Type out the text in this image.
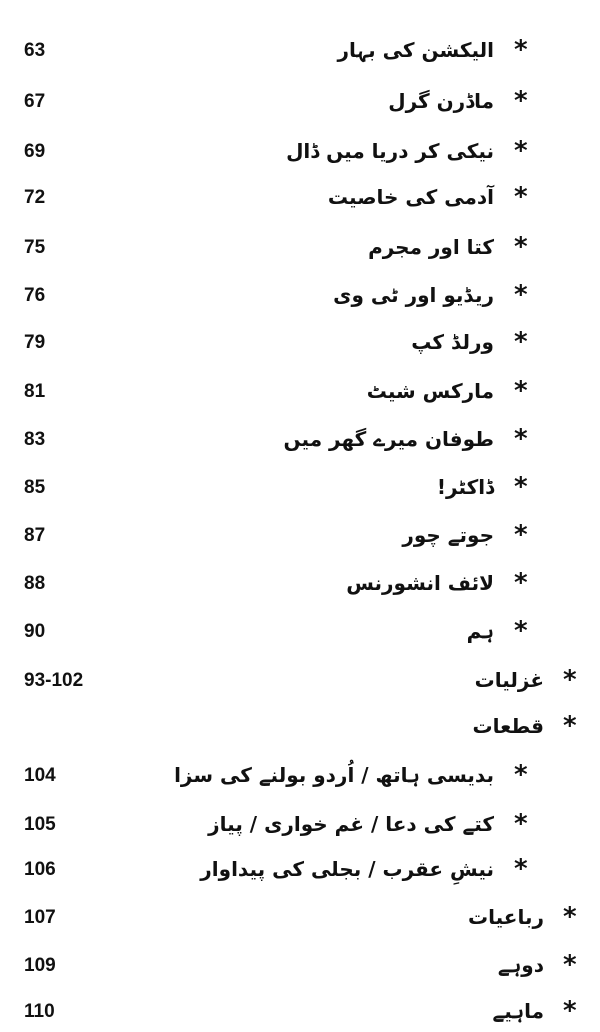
63	الیکشن کی بہار *
67	ماڈرن گرل *
69	نیکی کر دریا میں ڈال *
72	آدمی کی خاصیت *
75	کتا اور مجرم *
76	ریڈیو اور ٹی وی *
79	ورلڈ کپ *
81	مارکس شیٹ *
83	طوفان میرے گھر میں *
85	ڈاکٹر! *
87	جوتے چور *
88	لائف انشورنس *
90	ہم *
93-102	غزلیات *
قطعات *
104	بدیسی ہاتھ / اُردو بولنے کی سزا *
105	کتے کی دعا / غم خواری / پیاز *
106	نیشِ عقرب / بجلی کی پیداوار *
107	رباعیات *
109	دوہے *
110	ماہیے *
